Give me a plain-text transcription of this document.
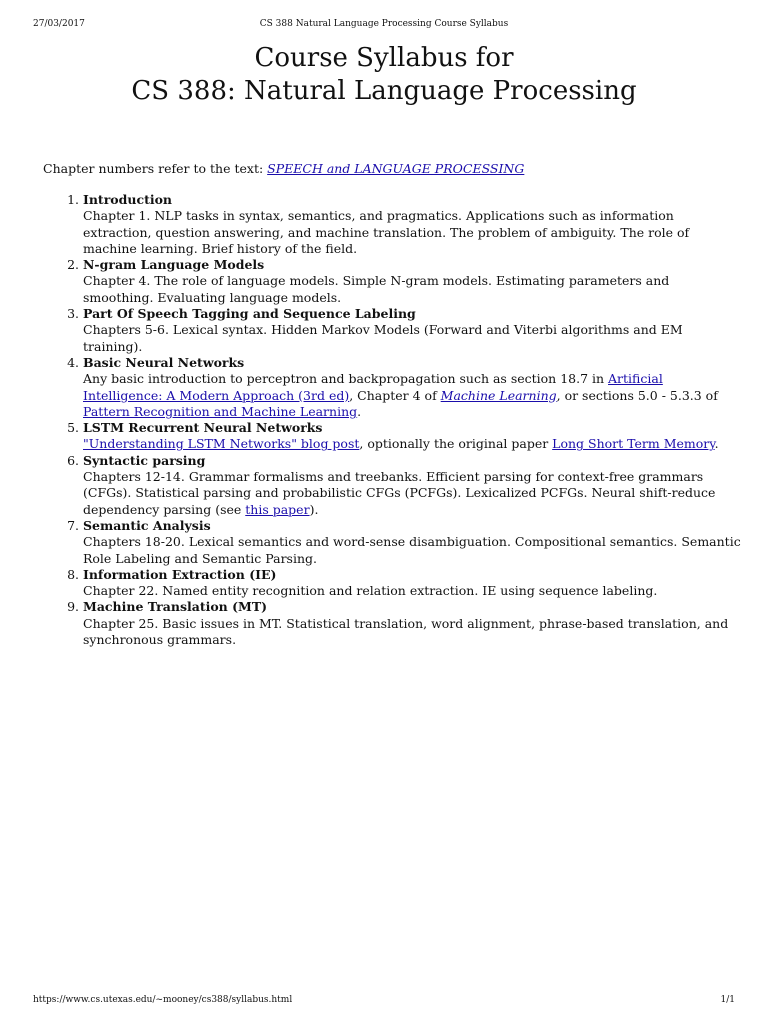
27/03/2017	CS 388 Natural Language Processing Course Syllabus
Course Syllabus for
CS 388: Natural Language Processing
Chapter numbers refer to the text: SPEECH and LANGUAGE PROCESSING
1. Introduction
Chapter 1. NLP tasks in syntax, semantics, and pragmatics. Applications such as information extraction, question answering, and machine translation. The problem of ambiguity. The role of machine learning. Brief history of the field.
2. N-gram Language Models
Chapter 4. The role of language models. Simple N-gram models. Estimating parameters and smoothing. Evaluating language models.
3. Part Of Speech Tagging and Sequence Labeling
Chapters 5-6. Lexical syntax. Hidden Markov Models (Forward and Viterbi algorithms and EM training).
4. Basic Neural Networks
Any basic introduction to perceptron and backpropagation such as section 18.7 in Artificial Intelligence: A Modern Approach (3rd ed), Chapter 4 of Machine Learning, or sections 5.0 - 5.3.3 of Pattern Recognition and Machine Learning.
5. LSTM Recurrent Neural Networks
"Understanding LSTM Networks" blog post, optionally the original paper Long Short Term Memory.
6. Syntactic parsing
Chapters 12-14. Grammar formalisms and treebanks. Efficient parsing for context-free grammars (CFGs). Statistical parsing and probabilistic CFGs (PCFGs). Lexicalized PCFGs. Neural shift-reduce dependency parsing (see this paper).
7. Semantic Analysis
Chapters 18-20. Lexical semantics and word-sense disambiguation. Compositional semantics. Semantic Role Labeling and Semantic Parsing.
8. Information Extraction (IE)
Chapter 22. Named entity recognition and relation extraction. IE using sequence labeling.
9. Machine Translation (MT)
Chapter 25. Basic issues in MT. Statistical translation, word alignment, phrase-based translation, and synchronous grammars.
https://www.cs.utexas.edu/~mooney/cs388/syllabus.html	1/1
